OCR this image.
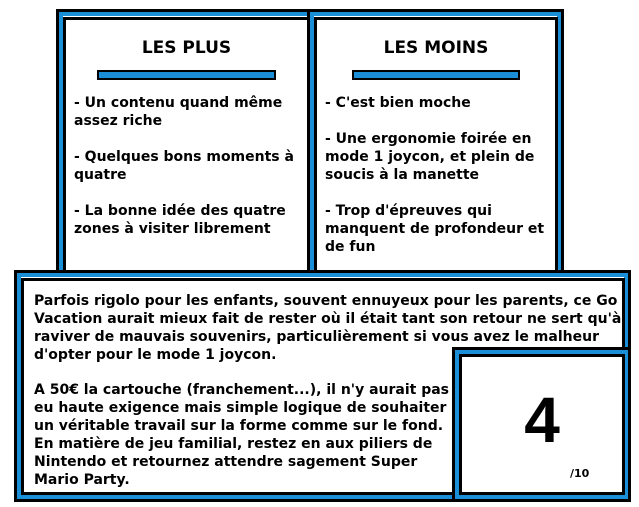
LES PLUS
- Un contenu quand même assez riche
- Quelques bons moments à quatre
- La bonne idée des quatre zones à visiter librement
LES MOINS
- C'est bien moche
- Une ergonomie foirée en mode 1 joycon, et plein de soucis à la manette
- Trop d'épreuves qui manquent de profondeur et de fun

Parfois rigolo pour les enfants, souvent ennuyeux pour les parents, ce Go Vacation aurait mieux fait de rester où il était tant son retour ne sert qu'à raviver de mauvais souvenirs, particulièrement si vous avez le malheur d'opter pour le mode 1 joycon.

A 50€ la cartouche (franchement...), il n'y aurait pas eu haute exigence mais simple logique de souhaiter un véritable travail sur la forme comme sur le fond. En matière de jeu familial, restez en aux piliers de Nintendo et retournez attendre sagement Super Mario Party.

4
/10
